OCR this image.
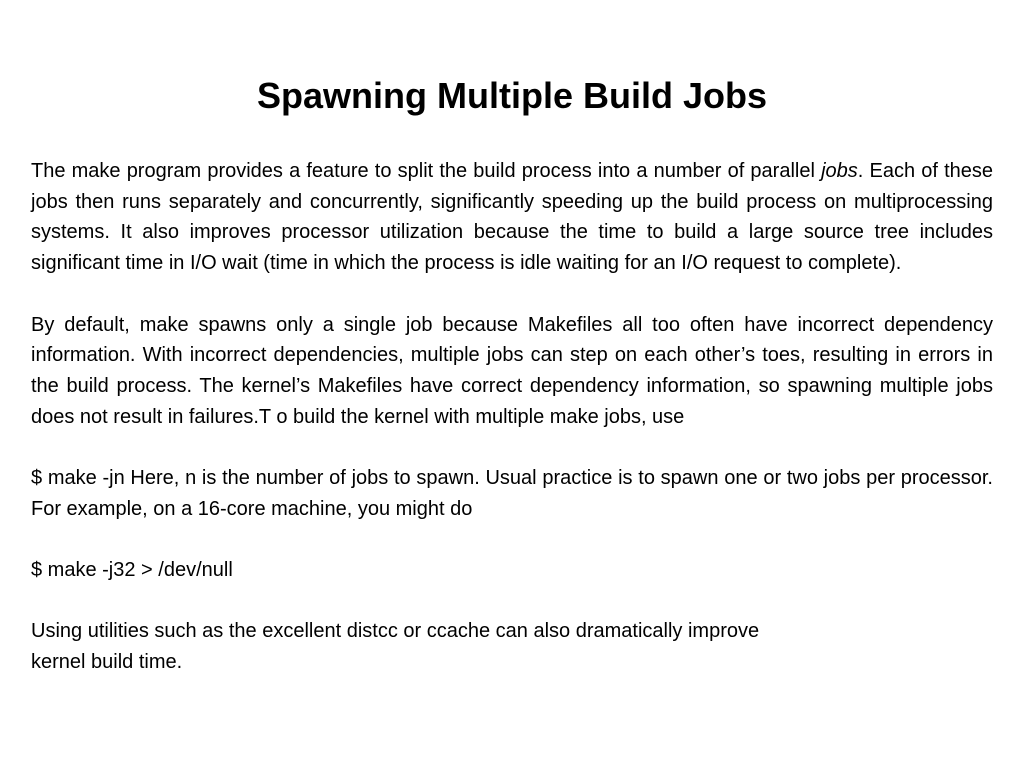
Spawning Multiple Build Jobs

The make program provides a feature to split the build process into a number of parallel jobs. Each of these jobs then runs separately and concurrently, significantly speeding up the build process on multiprocessing systems. It also improves processor utilization because the time to build a large source tree includes significant time in I/O wait (time in which the process is idle waiting for an I/O request to complete).

By default, make spawns only a single job because Makefiles all too often have incorrect dependency information. With incorrect dependencies, multiple jobs can step on each other’s toes, resulting in errors in the build process. The kernel’s Makefiles have correct dependency information, so spawning multiple jobs does not result in failures.T o build the kernel with multiple make jobs, use

$ make -jn Here, n is the number of jobs to spawn. Usual practice is to spawn one or two jobs per processor. For example, on a 16-core machine, you might do

$ make -j32 > /dev/null

Using utilities such as the excellent distcc or ccache can also dramatically improve
kernel build time.
